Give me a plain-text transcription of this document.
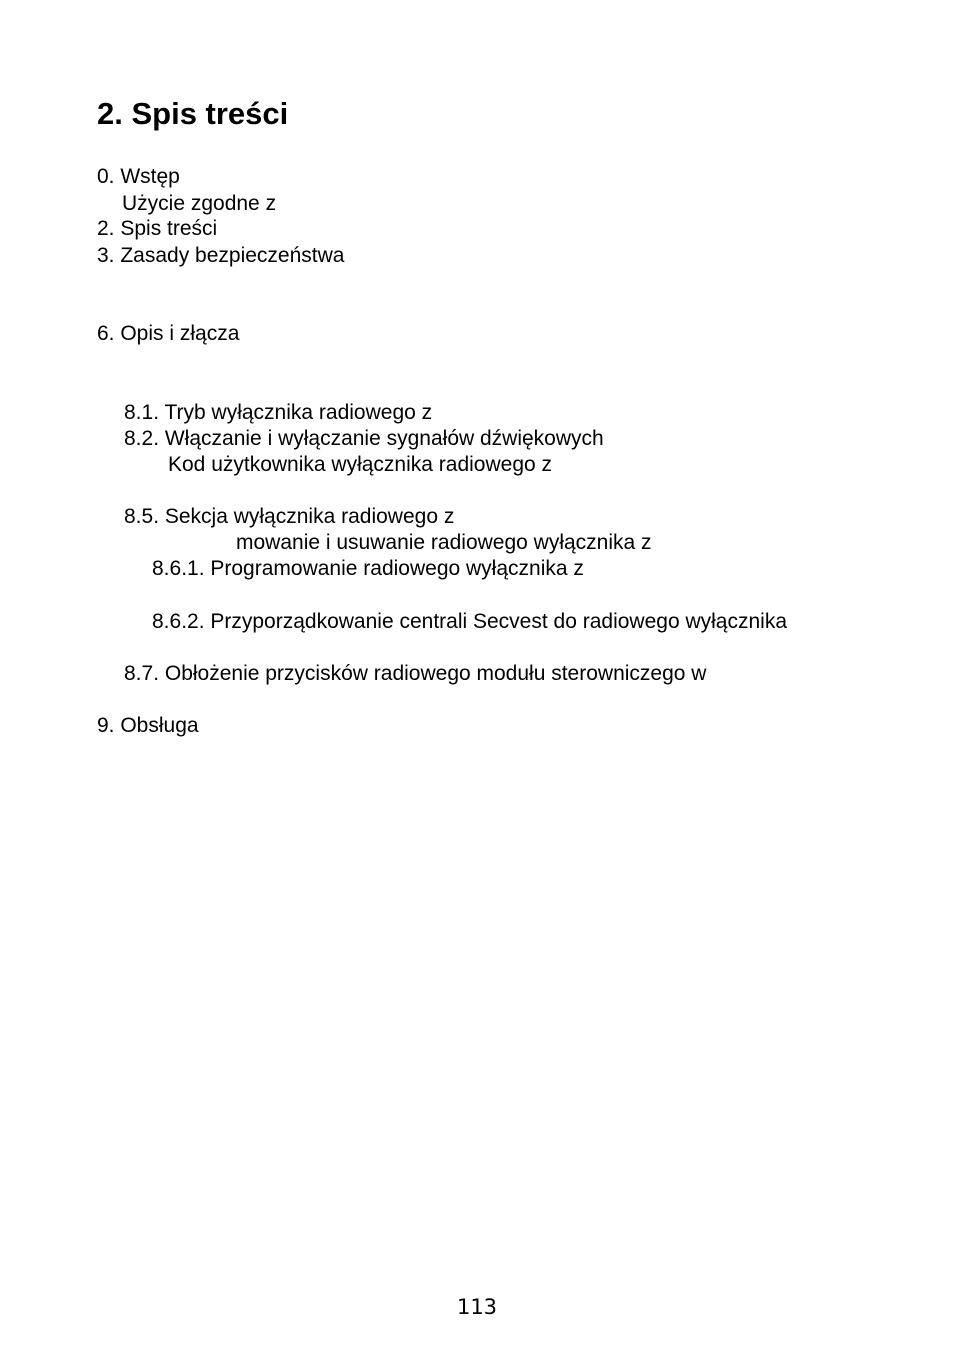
2. Spis treści
0. Wstęp
Użycie zgodne z
2. Spis treści
3. Zasady bezpieczeństwa
6. Opis i złącza
8.1. Tryb wyłącznika radiowego z
8.2. Włączanie i wyłączanie sygnałów dźwiękowych
Kod użytkownika wyłącznika radiowego z
8.5. Sekcja wyłącznika radiowego z
mowanie i usuwanie radiowego wyłącznika z
8.6.1. Programowanie radiowego wyłącznika z
8.6.2. Przyporządkowanie centrali Secvest do radiowego wyłącznika
8.7. Obłożenie przycisków radiowego modułu sterowniczego w
9. Obsługa
113
